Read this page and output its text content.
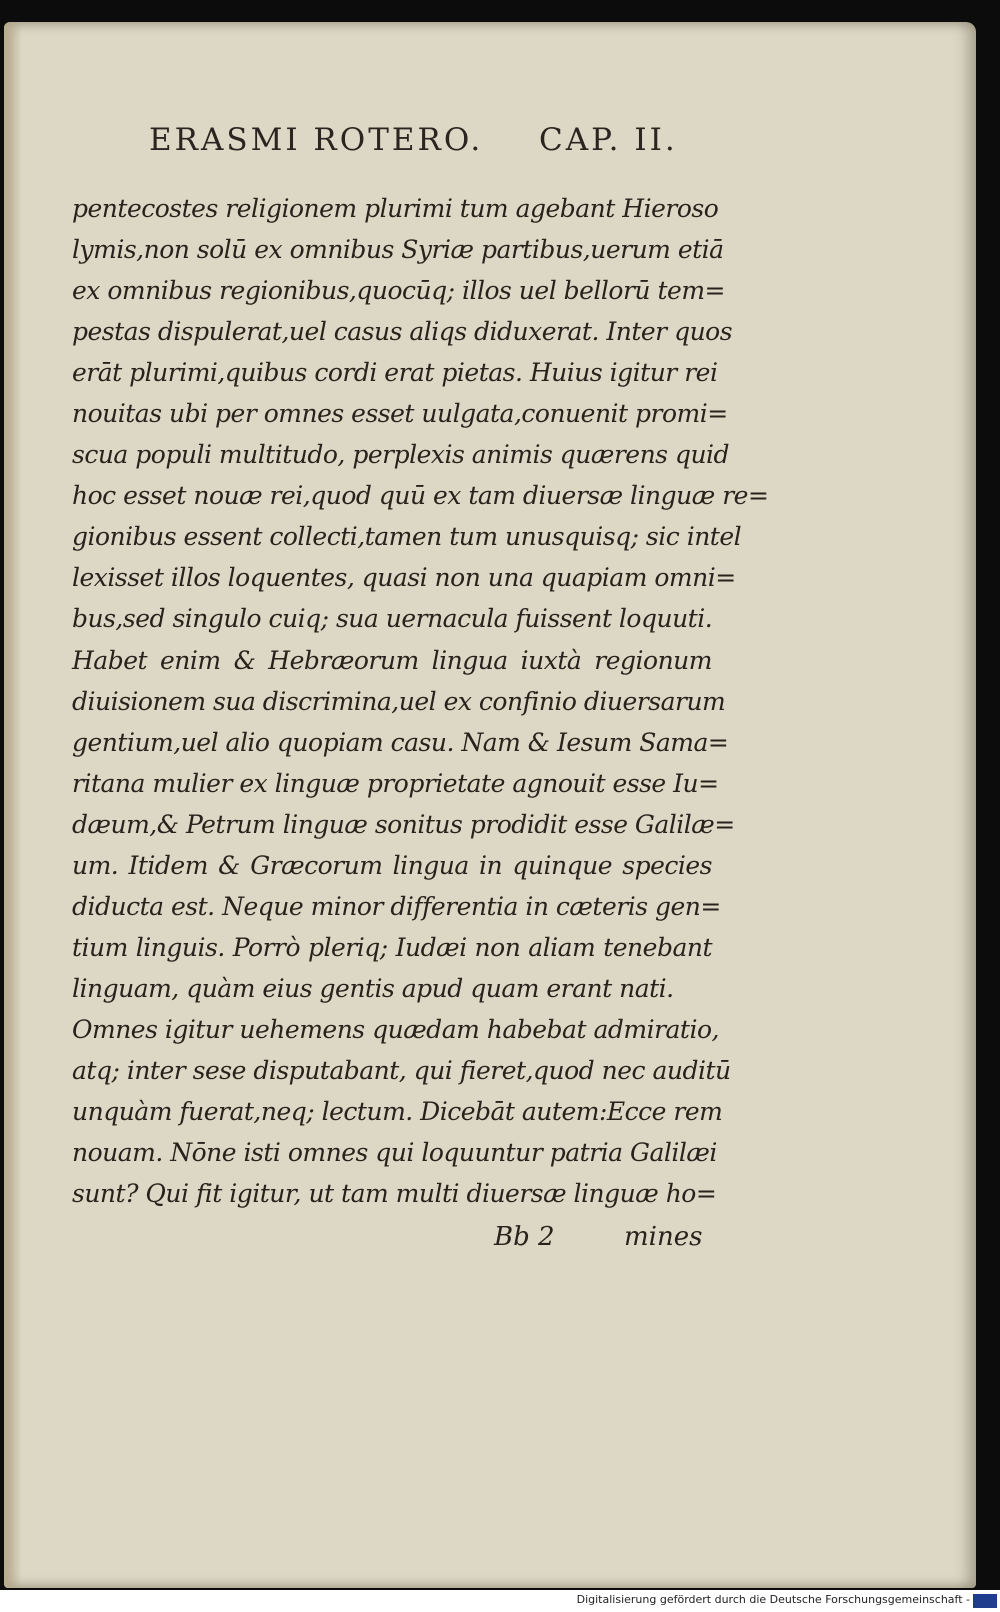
ERASMI ROTERO. CAP. II.
pentecostes religionem plurimi tum agebant Hieroso
lymis,non solū ex omnibus Syriæ partibus,uerum etiā
ex omnibus regionibus,quocūq; illos uel bellorū tem=
pestas dispulerat,uel casus aliqs diduxerat. Inter quos
erāt plurimi,quibus cordi erat pietas. Huius igitur rei
nouitas ubi per omnes esset uulgata,conuenit promi=
scua populi multitudo, perplexis animis quærens quid
hoc esset nouæ rei,quod quū ex tam diuersæ linguæ re=
gionibus essent collecti,tamen tum unusquisq; sic intel
lexisset illos loquentes, quasi non una quapiam omni=
bus,sed singulo cuiq; sua uernacula fuissent loquuti.
Habet enim & Hebræorum lingua iuxtà regionum
diuisionem sua discrimina,uel ex confinio diuersarum
gentium,uel alio quopiam casu. Nam & Iesum Sama=
ritana mulier ex linguæ proprietate agnouit esse Iu=
dæum,& Petrum linguæ sonitus prodidit esse Galilæ=
um. Itidem & Græcorum lingua in quinque species
diducta est. Neque minor differentia in cæteris gen=
tium linguis. Porrò pleriq; Iudæi non aliam tenebant
linguam, quàm eius gentis apud quam erant nati.
Omnes igitur uehemens quædam habebat admiratio,
atq; inter sese disputabant, qui fieret,quod nec auditū
unquàm fuerat,neq; lectum. Dicebāt autem:Ecce rem
nouam. Nōne isti omnes qui loquuntur patria Galilæi
sunt? Qui fit igitur, ut tam multi diuersæ linguæ ho=
Bb 2	mines
Digitalisierung gefördert durch die Deutsche Forschungsgemeinschaft -
